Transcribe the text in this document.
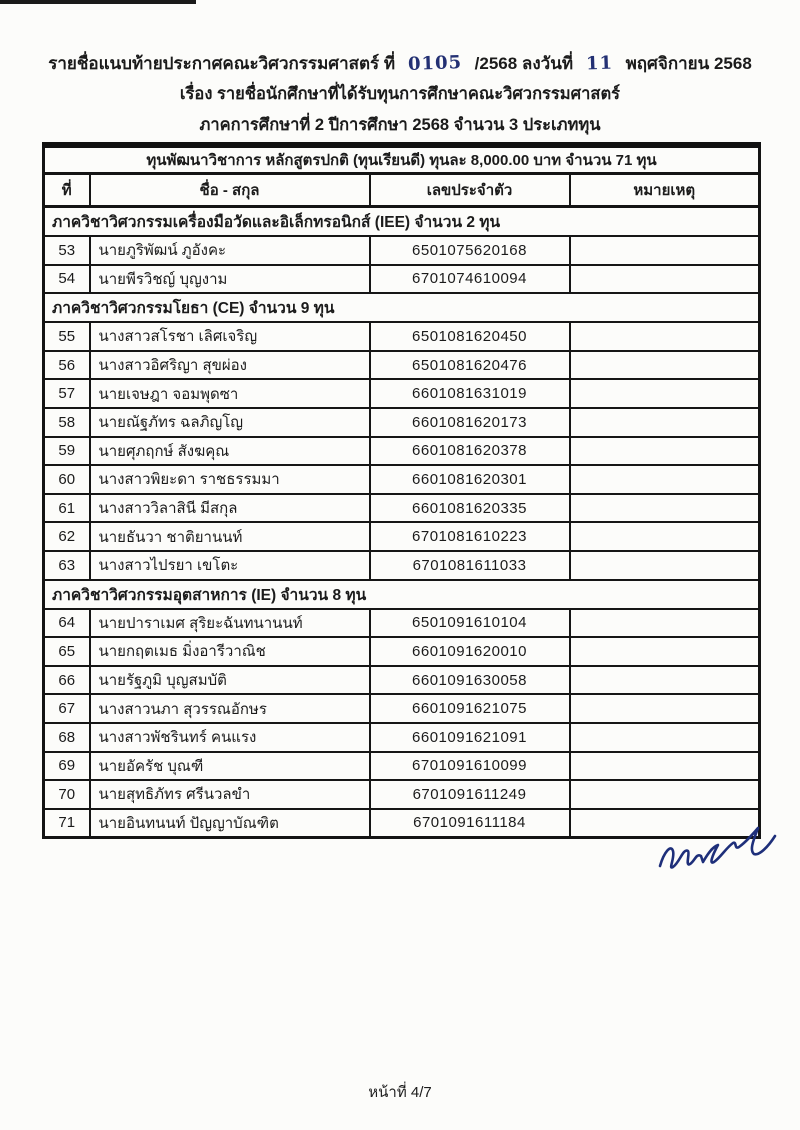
รายชื่อแนบท้ายประกาศคณะวิศวกรรมศาสตร์ ที่ 0105 /2568 ลงวันที่ 11 พฤศจิกายน 2568
เรื่อง รายชื่อนักศึกษาที่ได้รับทุนการศึกษาคณะวิศวกรรมศาสตร์
ภาคการศึกษาที่ 2 ปีการศึกษา 2568 จำนวน 3 ประเภททุน
ทุนพัฒนาวิชาการ หลักสูตรปกติ (ทุนเรียนดี) ทุนละ 8,000.00 บาท จำนวน 71 ทุน			
ที่	ชื่อ - สกุล	เลขประจำตัว	หมายเหตุ
ภาควิชาวิศวกรรมเครื่องมือวัดและอิเล็กทรอนิกส์ (IEE) จำนวน 2 ทุน			
53	นายภูริพัฒน์ ภูอังคะ	6501075620168	
54	นายพีรวิชญ์ บุญงาม	6701074610094	
ภาควิชาวิศวกรรมโยธา (CE) จำนวน 9 ทุน			
55	นางสาวสโรชา เลิศเจริญ	6501081620450	
56	นางสาวอิศริญา สุขผ่อง	6501081620476	
57	นายเจษฎา จอมพุดซา	6601081631019	
58	นายณัฐภัทร ฉลภิญโญ	6601081620173	
59	นายศุภฤกษ์ สังฆคุณ	6601081620378	
60	นางสาวพิยะดา ราชธรรมมา	6601081620301	
61	นางสาววิลาสินี มีสกุล	6601081620335	
62	นายธันวา ชาติยานนท์	6701081610223	
63	นางสาวไปรยา เขโตะ	6701081611033	
ภาควิชาวิศวกรรมอุตสาหการ (IE) จำนวน 8 ทุน			
64	นายปาราเมศ สุริยะฉันทนานนท์	6501091610104	
65	นายกฤตเมธ มิ่งอารีวาณิช	6601091620010	
66	นายรัฐภูมิ บุญสมบัติ	6601091630058	
67	นางสาวนภา สุวรรณอักษร	6601091621075	
68	นางสาวพัชรินทร์ คนแรง	6601091621091	
69	นายอัครัช บุณฑี	6701091610099	
70	นายสุทธิภัทร ศรีนวลขำ	6701091611249	
71	นายอินทนนท์ ปัญญาบัณฑิต	6701091611184	
หน้าที่ 4/7
